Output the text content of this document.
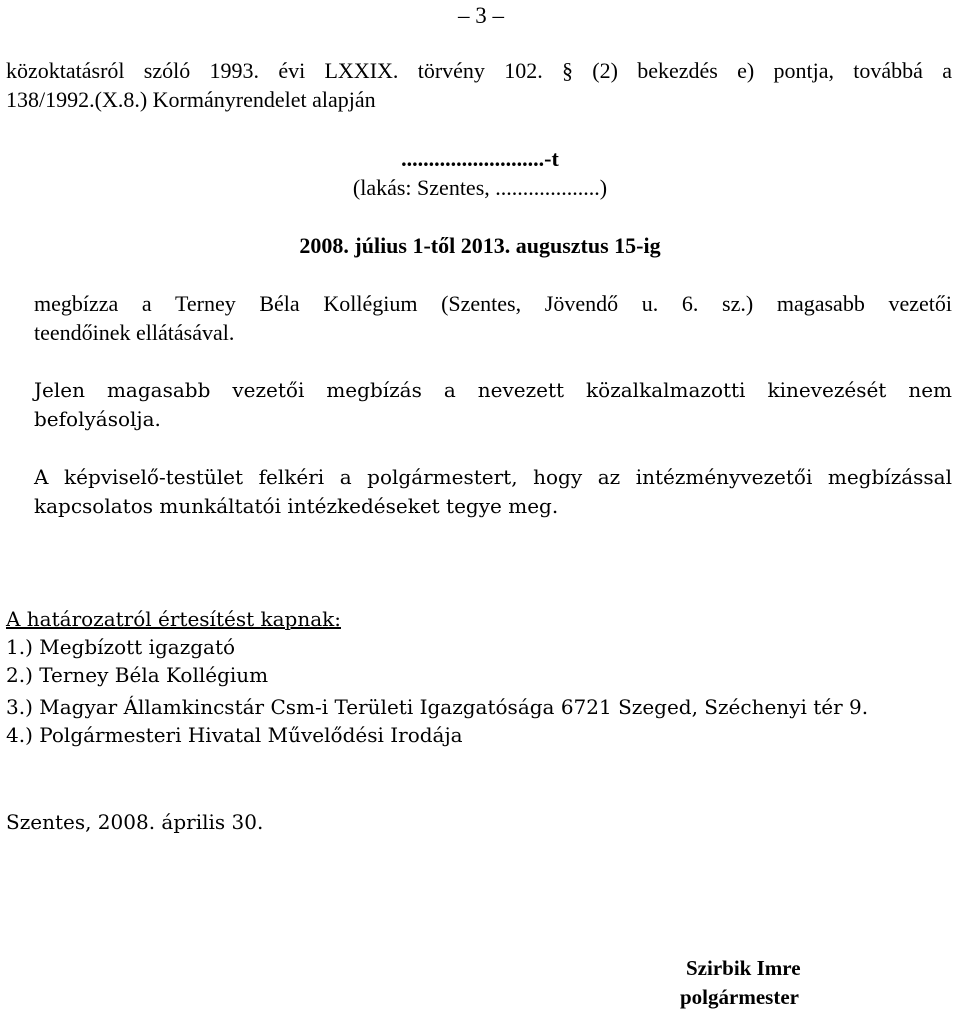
– 3 –
közoktatásról szóló 1993. évi LXXIX. törvény 102. § (2) bekezdés e) pontja, továbbá a
138/1992.(X.8.) Kormányrendelet alapján
..........................-t
(lakás: Szentes, ...................)
2008. július 1-től 2013. augusztus 15-ig
megbízza a Terney Béla Kollégium (Szentes, Jövendő u. 6. sz.) magasabb vezetői
teendőinek ellátásával.
Jelen magasabb vezetői megbízás a nevezett közalkalmazotti kinevezését nem
befolyásolja.
A képviselő-testület felkéri a polgármestert, hogy az intézményvezetői megbízással
kapcsolatos munkáltatói intézkedéseket tegye meg.
A határozatról értesítést kapnak:
1.) Megbízott igazgató
2.) Terney Béla Kollégium
3.) Magyar Államkincstár Csm-i Területi Igazgatósága 6721 Szeged, Széchenyi tér 9.
4.) Polgármesteri Hivatal Művelődési Irodája
Szentes, 2008. április 30.
Szirbik Imre
polgármester
